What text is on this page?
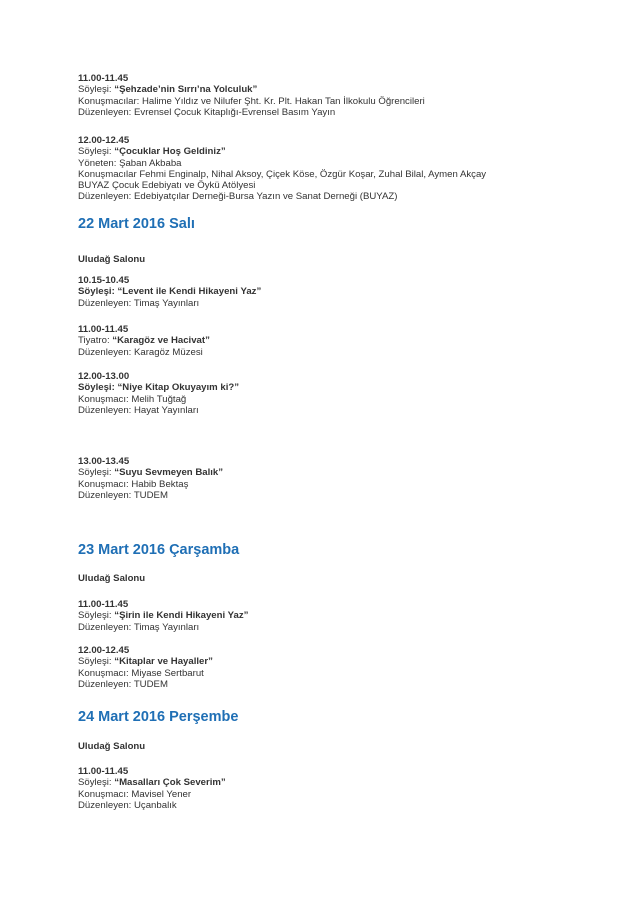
11.00-11.45
Söyleşi: “Şehzade’nin Sırrı’na Yolculuk”
Konuşmacılar: Halime Yıldız ve Nilufer Şht. Kr. Plt. Hakan Tan İlkokulu Öğrencileri
Düzenleyen: Evrensel Çocuk Kitaplığı-Evrensel Basım Yayın
12.00-12.45
Söyleşi: “Çocuklar Hoş Geldiniz”
Yöneten: Şaban Akbaba
Konuşmacılar Fehmi Enginalp, Nihal Aksoy, Çiçek Köse, Özgür Koşar, Zuhal Bilal, Aymen Akçay
BUYAZ Çocuk Edebiyatı ve Öykü Atölyesi
Düzenleyen: Edebiyatçılar Derneği-Bursa Yazın ve Sanat Derneği (BUYAZ)
22 Mart 2016 Salı
Uludağ Salonu
10.15-10.45
Söyleşi: “Levent ile Kendi Hikayeni Yaz”
Düzenleyen: Timaş Yayınları
11.00-11.45
Tiyatro: “Karagöz ve Hacivat”
Düzenleyen: Karagöz Müzesi
12.00-13.00
Söyleşi: “Niye Kitap Okuyayım ki?”
Konuşmacı: Melih Tuğtağ
Düzenleyen: Hayat Yayınları
13.00-13.45
Söyleşi: “Suyu Sevmeyen Balık”
Konuşmacı: Habib Bektaş
Düzenleyen: TUDEM
23 Mart 2016 Çarşamba
Uludağ Salonu
11.00-11.45
Söyleşi: “Şirin ile Kendi Hikayeni Yaz”
Düzenleyen: Timaş Yayınları
12.00-12.45
Söyleşi: “Kitaplar ve Hayaller”
Konuşmacı: Miyase Sertbarut
Düzenleyen: TUDEM
24 Mart 2016 Perşembe
Uludağ Salonu
11.00-11.45
Söyleşi: “Masalları Çok Severim”
Konuşmacı: Mavisel Yener
Düzenleyen: Uçanbalık
